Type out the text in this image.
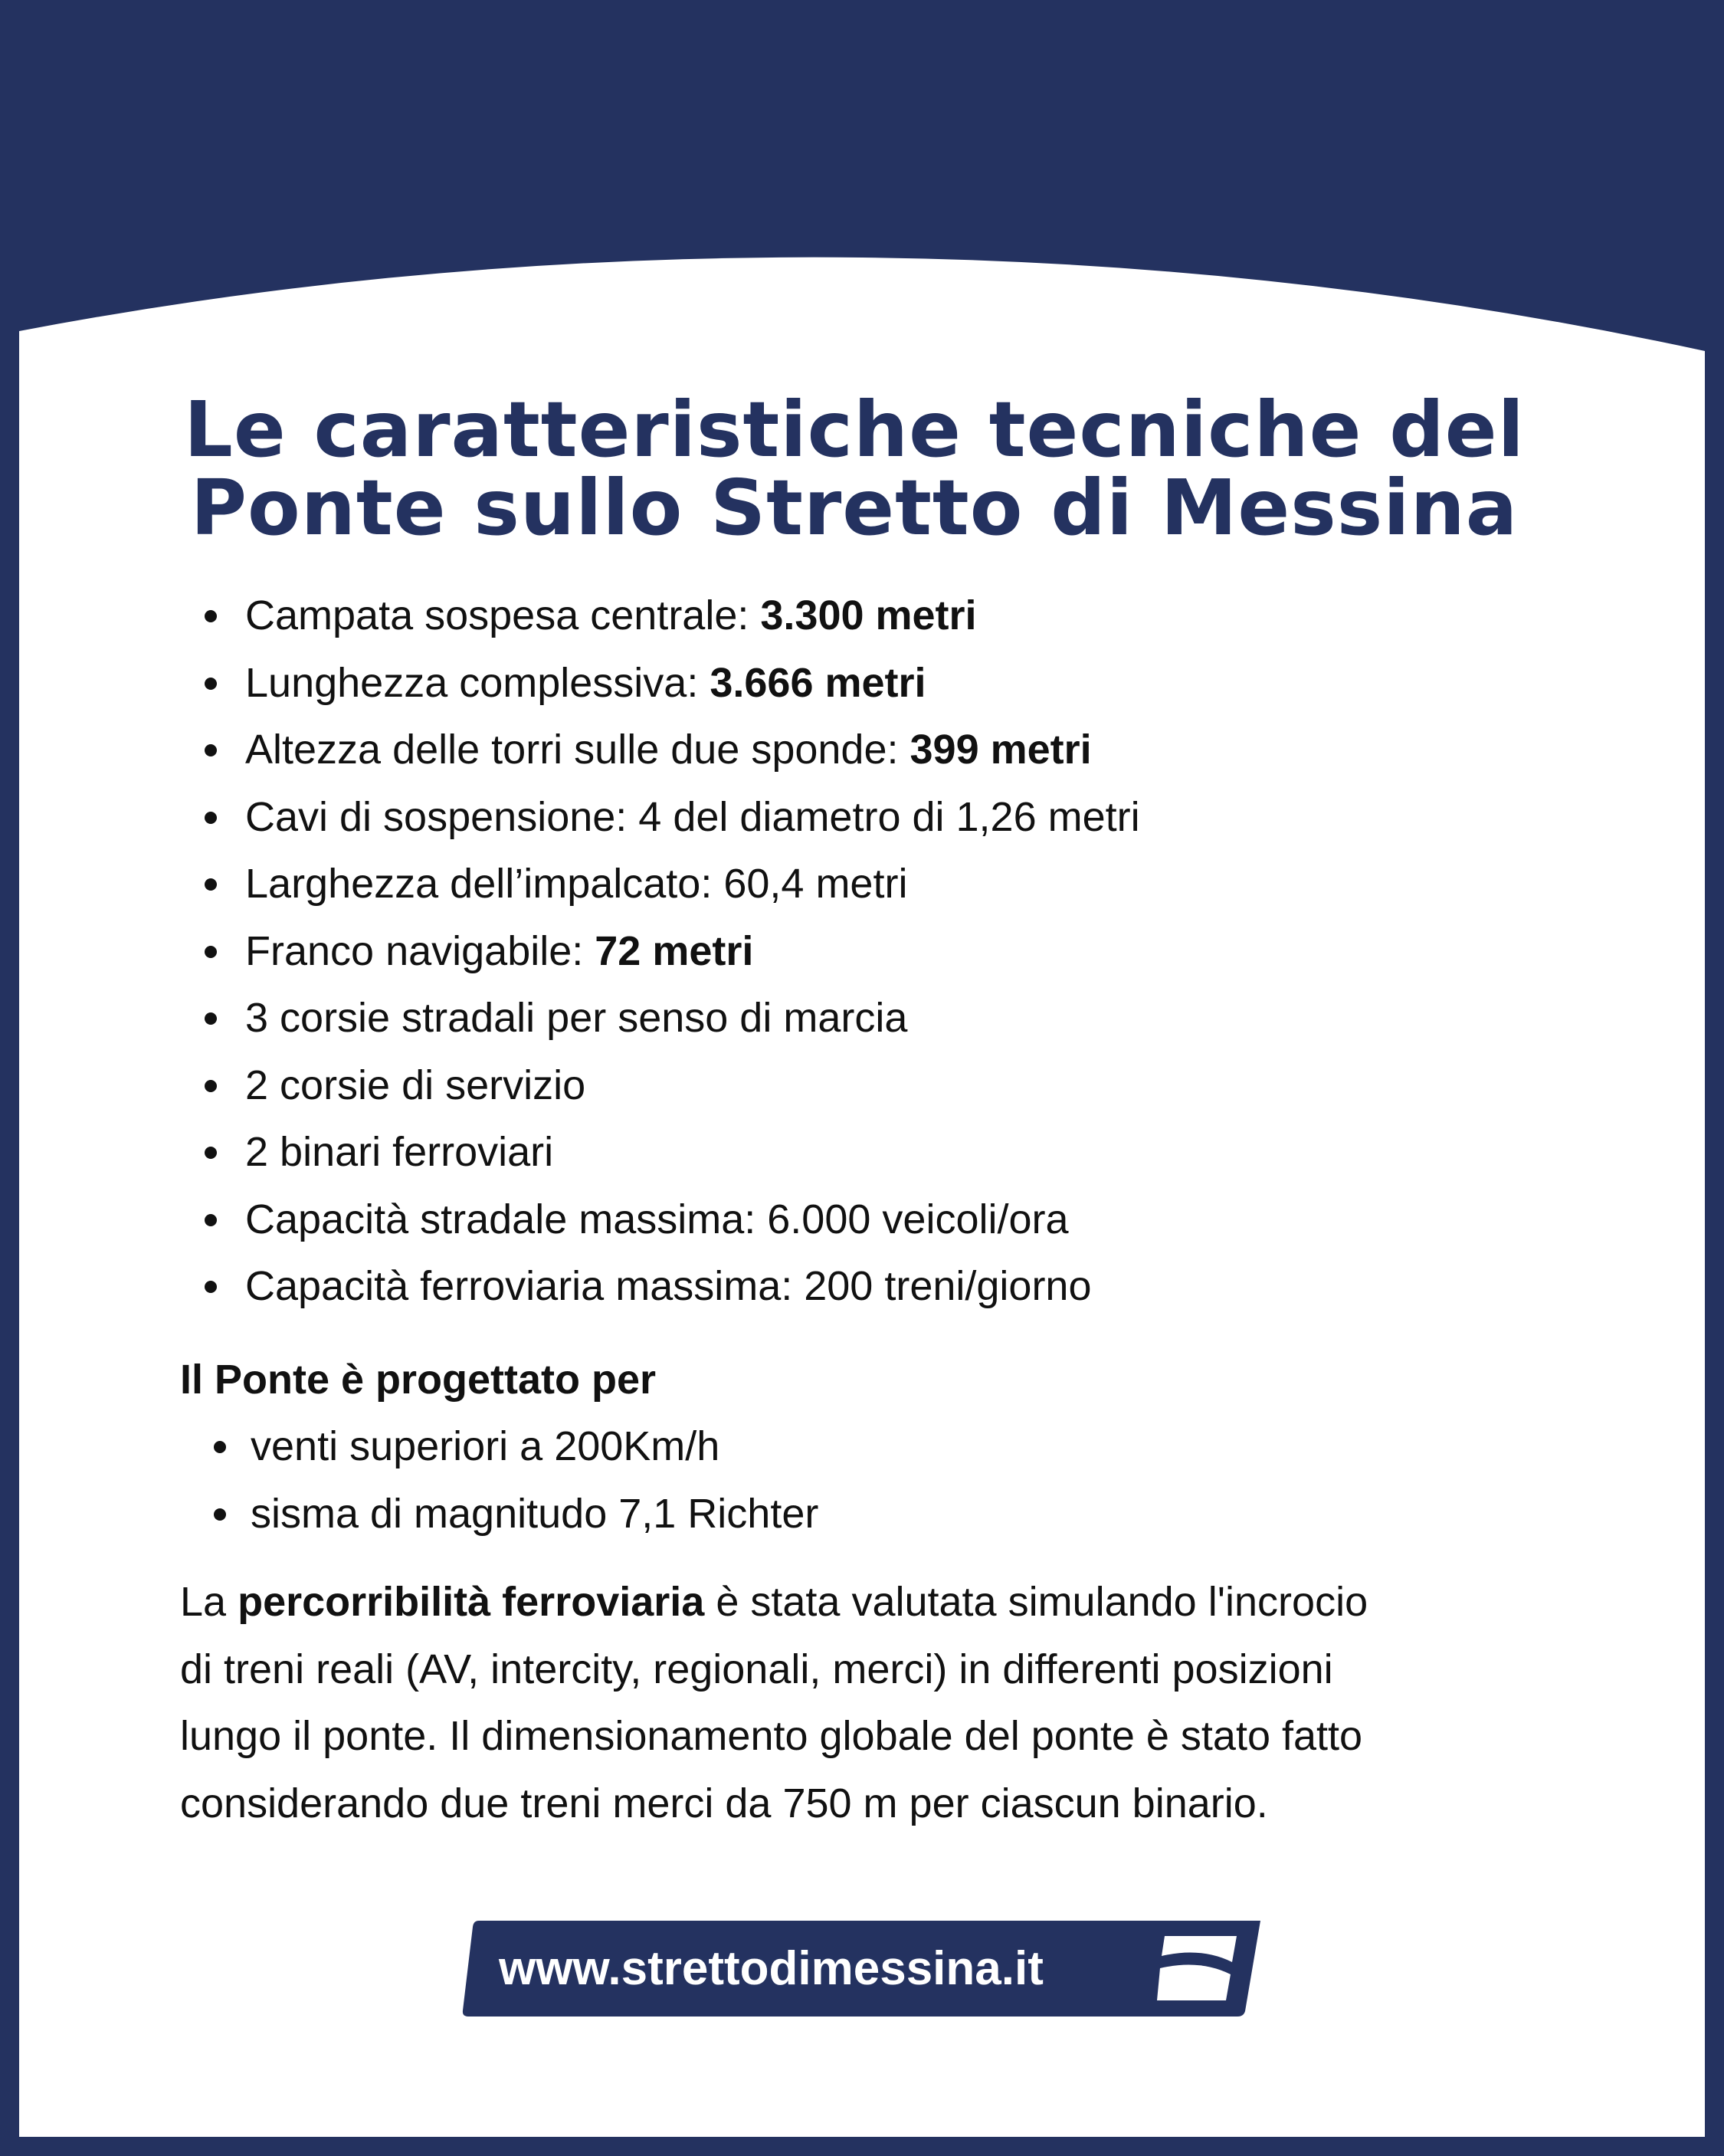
Le caratteristiche tecniche del
Ponte sullo Stretto di Messina
Campata sospesa centrale: 3.300 metri
Lunghezza complessiva: 3.666 metri
Altezza delle torri sulle due sponde: 399 metri
Cavi di sospensione: 4 del diametro di 1,26 metri
Larghezza dell’impalcato: 60,4 metri
Franco navigabile: 72 metri
3 corsie stradali per senso di marcia
2 corsie di servizio
2 binari ferroviari
Capacità stradale massima: 6.000 veicoli/ora
Capacità ferroviaria massima: 200 treni/giorno

Il Ponte è progettato per

venti superiori a 200Km/h
sisma di magnitudo 7,1 Richter

La percorribilità ferroviaria è stata valutata simulando l'incrocio
di treni reali (AV, intercity, regionali, merci) in differenti posizioni
lungo il ponte. Il dimensionamento globale del ponte è stato fatto
considerando due treni merci da 750 m per ciascun binario.

www.strettodimessina.it
